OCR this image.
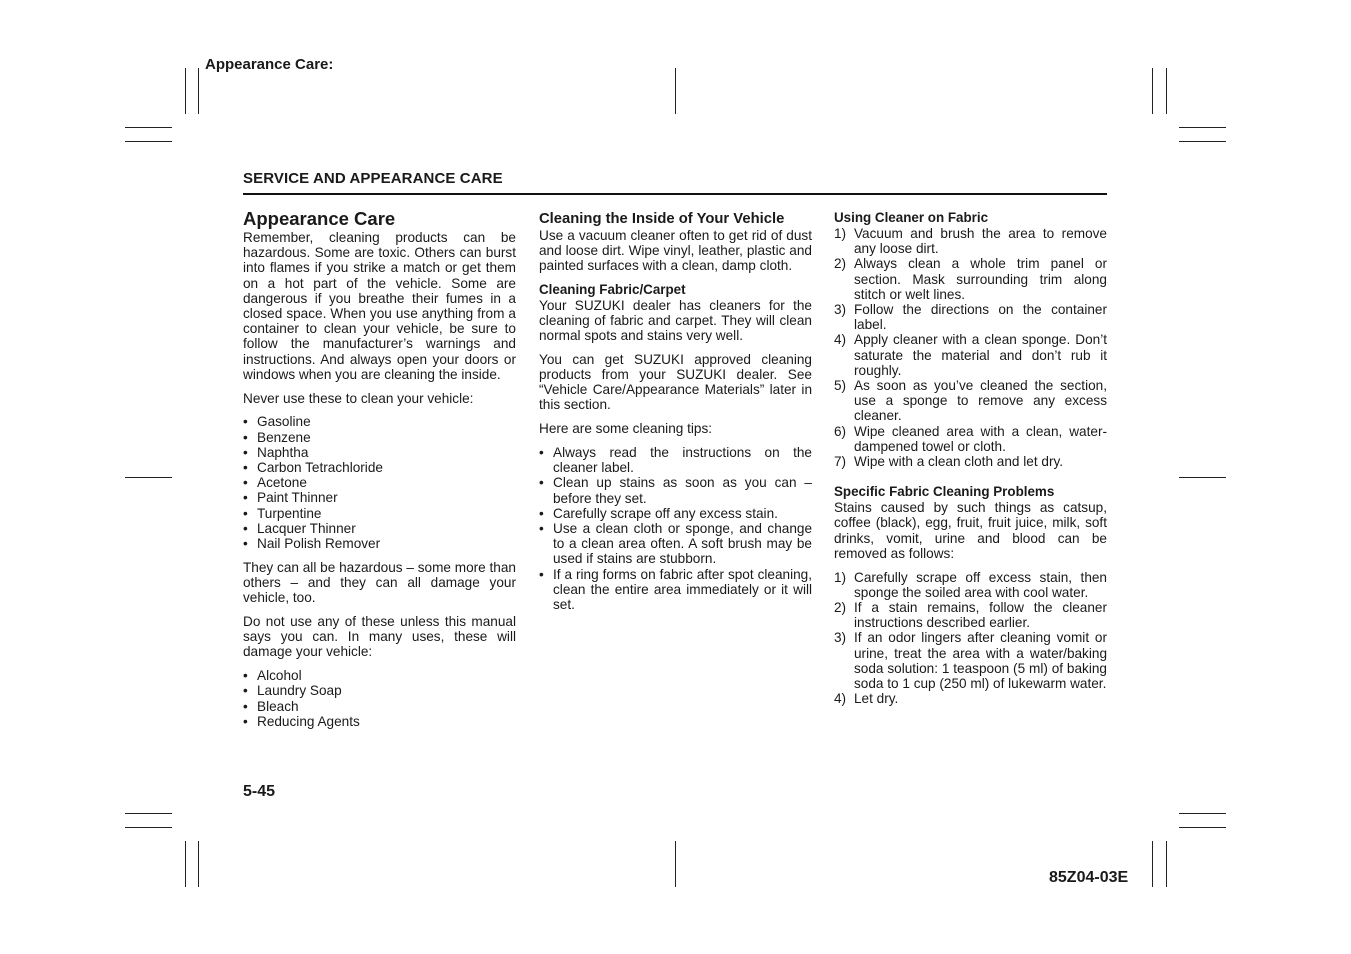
Appearance Care:
SERVICE AND APPEARANCE CARE
Appearance Care

Remember, cleaning products can be hazardous. Some are toxic. Others can burst into flames if you strike a match or get them on a hot part of the vehicle. Some are dangerous if you breathe their fumes in a closed space. When you use anything from a container to clean your vehicle, be sure to follow the manufacturer’s warnings and instructions. And always open your doors or windows when you are cleaning the inside.

Never use these to clean your vehicle:

• Gasoline
• Benzene
• Naphtha
• Carbon Tetrachloride
• Acetone
• Paint Thinner
• Turpentine
• Lacquer Thinner
• Nail Polish Remover

They can all be hazardous – some more than others – and they can all damage your vehicle, too.

Do not use any of these unless this manual says you can. In many uses, these will damage your vehicle:

• Alcohol
• Laundry Soap
• Bleach
• Reducing Agents
Cleaning the Inside of Your Vehicle

Use a vacuum cleaner often to get rid of dust and loose dirt. Wipe vinyl, leather, plastic and painted surfaces with a clean, damp cloth.

Cleaning Fabric/Carpet

Your SUZUKI dealer has cleaners for the cleaning of fabric and carpet. They will clean normal spots and stains very well.

You can get SUZUKI approved cleaning products from your SUZUKI dealer. See “Vehicle Care/Appearance Materials” later in this section.

Here are some cleaning tips:

• Always read the instructions on the cleaner label.
• Clean up stains as soon as you can – before they set.
• Carefully scrape off any excess stain.
• Use a clean cloth or sponge, and change to a clean area often. A soft brush may be used if stains are stubborn.
• If a ring forms on fabric after spot cleaning, clean the entire area immediately or it will set.
Using Cleaner on Fabric
1) Vacuum and brush the area to remove any loose dirt.
2) Always clean a whole trim panel or section. Mask surrounding trim along stitch or welt lines.
3) Follow the directions on the container label.
4) Apply cleaner with a clean sponge. Don’t saturate the material and don’t rub it roughly.
5) As soon as you’ve cleaned the section, use a sponge to remove any excess cleaner.
6) Wipe cleaned area with a clean, water-dampened towel or cloth.
7) Wipe with a clean cloth and let dry.
Specific Fabric Cleaning Problems

Stains caused by such things as catsup, coffee (black), egg, fruit, fruit juice, milk, soft drinks, vomit, urine and blood can be removed as follows:

1) Carefully scrape off excess stain, then sponge the soiled area with cool water.
2) If a stain remains, follow the cleaner instructions described earlier.
3) If an odor lingers after cleaning vomit or urine, treat the area with a water/baking soda solution: 1 teaspoon (5 ml) of baking soda to 1 cup (250 ml) of lukewarm water.
4) Let dry.
5-45
85Z04-03E
